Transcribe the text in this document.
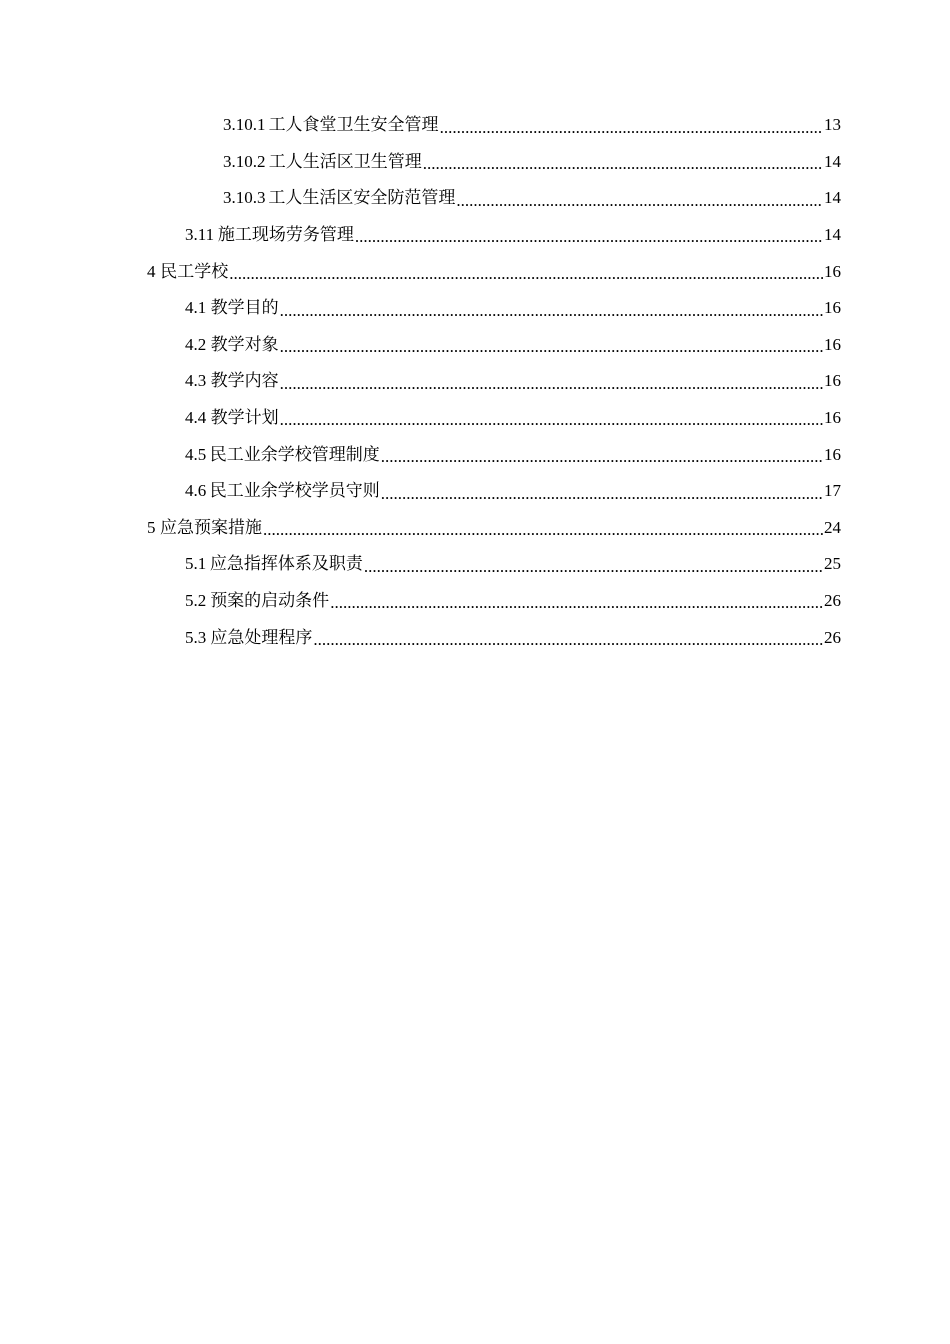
3.10.1 工人食堂卫生安全管理 .....	13
3.10.2 工人生活区卫生管理 .....	14
3.10.3 工人生活区安全防范管理 .....	14
3.11 施工现场劳务管理 .....	14
4 民工学校 .....	16
4.1 教学目的 .....	16
4.2 教学对象 .....	16
4.3 教学内容 .....	16
4.4 教学计划 .....	16
4.5 民工业余学校管理制度 .....	16
4.6 民工业余学校学员守则 .....	17
5 应急预案措施 .....	24
5.1 应急指挥体系及职责 .....	25
5.2 预案的启动条件 .....	26
5.3 应急处理程序 .....	26
